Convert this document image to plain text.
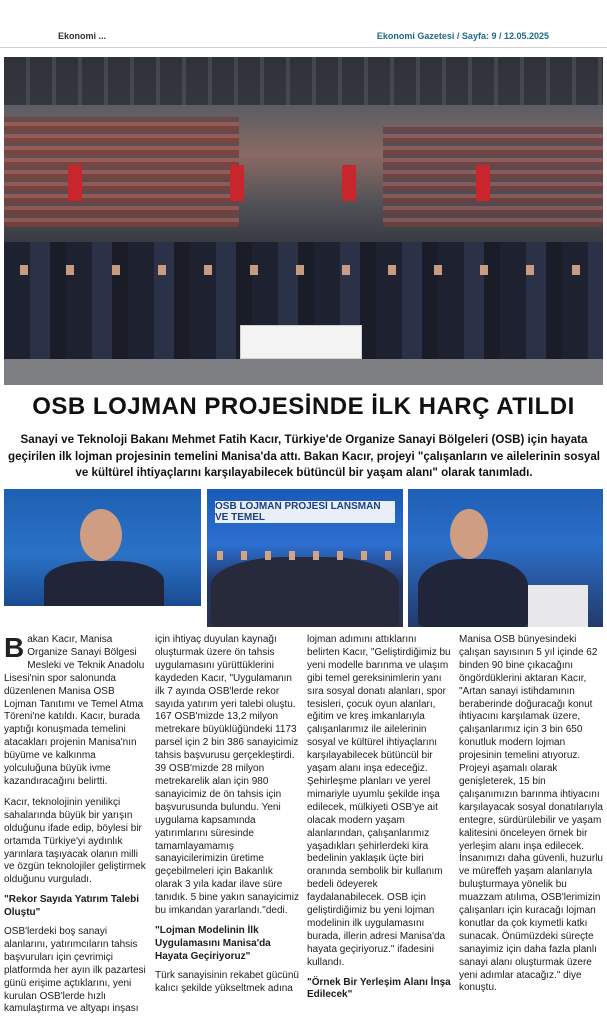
Ekonomi ...	Ekonomi Gazetesi / Sayfa: 9 / 12.05.2025
OSB LOJMAN PROJESİNDE İLK HARÇ ATILDI
Sanayi ve Teknoloji Bakanı Mehmet Fatih Kacır, Türkiye'de Organize Sanayi Bölgeleri (OSB) için hayata geçirilen ilk lojman projesinin temelini Manisa'da attı. Bakan Kacır, projeyi "çalışanların ve ailelerinin sosyal ve kültürel ihtiyaçlarını karşılayabilecek bütüncül bir yaşam alanı" olarak tanımladı.
OSB LOJMAN PROJESİ LANSMAN VE TEMEL

Bakan Kacır, Manisa Organize Sanayi Bölgesi Mesleki ve Teknik Anadolu Lisesi'nin spor salonunda düzenlenen Manisa OSB Lojman Tanıtımı ve Temel Atma Töreni'ne katıldı. Kacır, burada yaptığı konuşmada temelini atacakları projenin Manisa'nın büyüme ve kalkınma yolculuğuna büyük ivme kazandıracağını belirtti.

Kacır, teknolojinin yenilikçi sahalarında büyük bir yarışın olduğunu ifade edip, böylesi bir ortamda Türkiye'yi aydınlık yarınlara taşıyacak olanın milli ve özgün teknolojiler geliştirmek olduğunu vurguladı.

"Rekor Sayıda Yatırım Talebi Oluştu"

OSB'lerdeki boş sanayi alanlarını, yatırımcıların tahsis başvuruları için çevrimiçi platformda her ayın ilk pazartesi günü erişime açtıklarını, yeni kurulan OSB'lerde hızlı kamulaştırma ve altyapı inşası

için ihtiyaç duyulan kaynağı oluşturmak üzere ön tahsis uygulamasını yürüttüklerini kaydeden Kacır, "Uygulamanın ilk 7 ayında OSB'lerde rekor sayıda yatırım yeri talebi oluştu. 167 OSB'mizde 13,2 milyon metrekare büyüklüğündeki 1173 parsel için 2 bin 386 sanayicimiz tahsis başvurusu gerçekleştirdi. 39 OSB'mizde 28 milyon metrekarelik alan için 980 sanayicimiz de ön tahsis için başvurusunda bulundu. Yeni uygulama kapsamında yatırımlarını süresinde tamamlayamamış sanayicilerimizin üretime geçebilmeleri için Bakanlık olarak 3 yıla kadar ilave süre tanıdık. 5 bine yakın sanayicimiz bu imkandan yararlandı."dedi.

"Lojman Modelinin İlk Uygulamasını Manisa'da Hayata Geçiriyoruz"

Türk sanayisinin rekabet gücünü kalıcı şekilde yükseltmek adına

lojman adımını attıklarını belirten Kacır, "Geliştirdiğimiz bu yeni modelle barınma ve ulaşım gibi temel gereksinimlerin yanı sıra sosyal donatı alanları, spor tesisleri, çocuk oyun alanları, eğitim ve kreş imkanlarıyla çalışanlarımız ile ailelerinin sosyal ve kültürel ihtiyaçlarını karşılayabilecek bütüncül bir yaşam alanı inşa edeceğiz. Şehirleşme planları ve yerel mimariyle uyumlu şekilde inşa edilecek, mülkiyeti OSB'ye ait olacak modern yaşam alanlarından, çalışanlarımız yaşadıkları şehirlerdeki kira bedelinin yaklaşık üçte biri oranında sembolik bir kullanım bedeli ödeyerek faydalanabilecek. OSB için geliştirdiğimiz bu yeni lojman modelinin ilk uygulamasını burada, illerin adresi Manisa'da hayata geçiriyoruz." ifadesini kullandı.

"Örnek Bir Yerleşim Alanı İnşa Edilecek"

Manisa OSB bünyesindeki çalışan sayısının 5 yıl içinde 62 binden 90 bine çıkacağını öngördüklerini aktaran Kacır, "Artan sanayi istihdamının beraberinde doğuracağı konut ihtiyacını karşılamak üzere, çalışanlarımız için 3 bin 650 konutluk modern lojman projesinin temelini atıyoruz. Projeyi aşamalı olarak genişleterek, 15 bin çalışanımızın barınma ihtiyacını karşılayacak sosyal donatılarıyla entegre, sürdürülebilir ve yaşam kalitesini önceleyen örnek bir yerleşim alanı inşa edilecek. İnsanımızı daha güvenli, huzurlu ve müreffeh yaşam alanlarıyla buluşturmaya yönelik bu muazzam atılıma, OSB'lerimizin çalışanları için kuracağı lojman konutlar da çok kıymetli katkı sunacak. Önümüzdeki süreçte sanayimiz için daha fazla planlı sanayi alanı oluşturmak üzere yeni adımlar atacağız." diye konuştu.
